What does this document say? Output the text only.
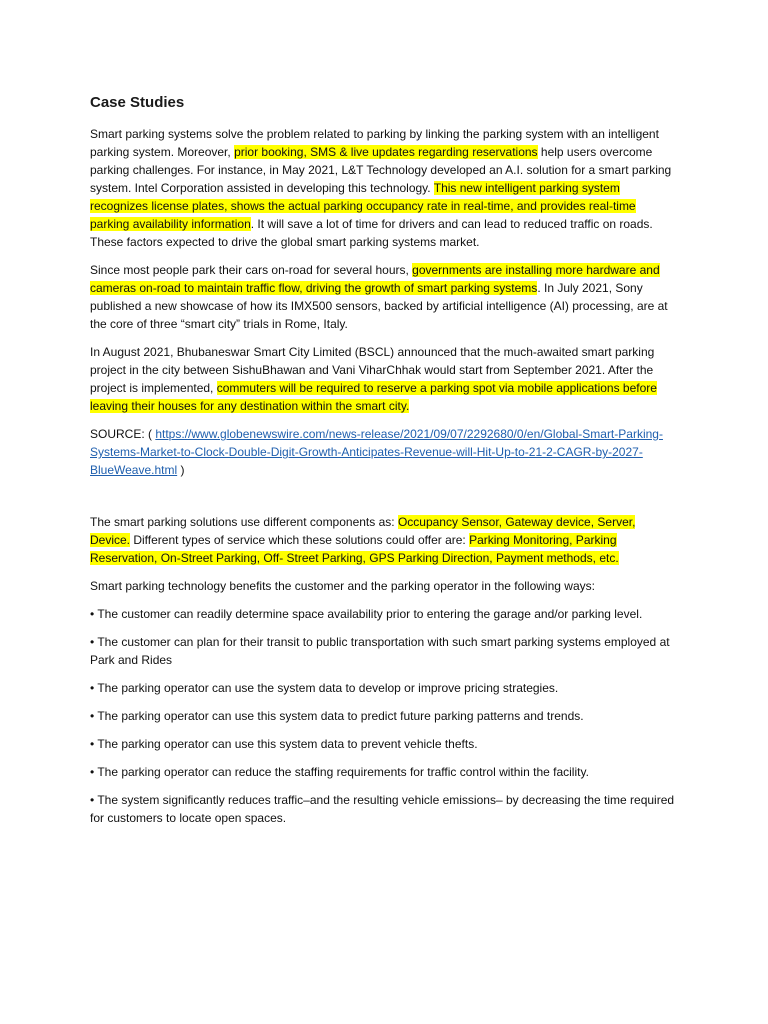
Case Studies

Smart parking systems solve the problem related to parking by linking the parking system with an intelligent parking system. Moreover, prior booking, SMS & live updates regarding reservations help users overcome parking challenges. For instance, in May 2021, L&T Technology developed an A.I. solution for a smart parking system. Intel Corporation assisted in developing this technology. This new intelligent parking system recognizes license plates, shows the actual parking occupancy rate in real-time, and provides real-time parking availability information. It will save a lot of time for drivers and can lead to reduced traffic on roads. These factors expected to drive the global smart parking systems market.

Since most people park their cars on-road for several hours, governments are installing more hardware and cameras on-road to maintain traffic flow, driving the growth of smart parking systems. In July 2021, Sony published a new showcase of how its IMX500 sensors, backed by artificial intelligence (AI) processing, are at the core of three “smart city” trials in Rome, Italy.

In August 2021, Bhubaneswar Smart City Limited (BSCL) announced that the much-awaited smart parking project in the city between SishuBhawan and Vani ViharChhak would start from September 2021. After the project is implemented, commuters will be required to reserve a parking spot via mobile applications before leaving their houses for any destination within the smart city.

SOURCE: ( https://www.globenewswire.com/news-release/2021/09/07/2292680/0/en/Global-Smart-Parking-Systems-Market-to-Clock-Double-Digit-Growth-Anticipates-Revenue-will-Hit-Up-to-21-2-CAGR-by-2027-BlueWeave.html )

The smart parking solutions use different components as: Occupancy Sensor, Gateway device, Server, Device. Different types of service which these solutions could offer are: Parking Monitoring, Parking Reservation, On-Street Parking, Off- Street Parking, GPS Parking Direction, Payment methods, etc.

Smart parking technology benefits the customer and the parking operator in the following ways:

• The customer can readily determine space availability prior to entering the garage and/or parking level.

• The customer can plan for their transit to public transportation with such smart parking systems employed at Park and Rides

• The parking operator can use the system data to develop or improve pricing strategies.

• The parking operator can use this system data to predict future parking patterns and trends.

• The parking operator can use this system data to prevent vehicle thefts.

• The parking operator can reduce the staffing requirements for traffic control within the facility.

• The system significantly reduces traffic–and the resulting vehicle emissions– by decreasing the time required for customers to locate open spaces.
